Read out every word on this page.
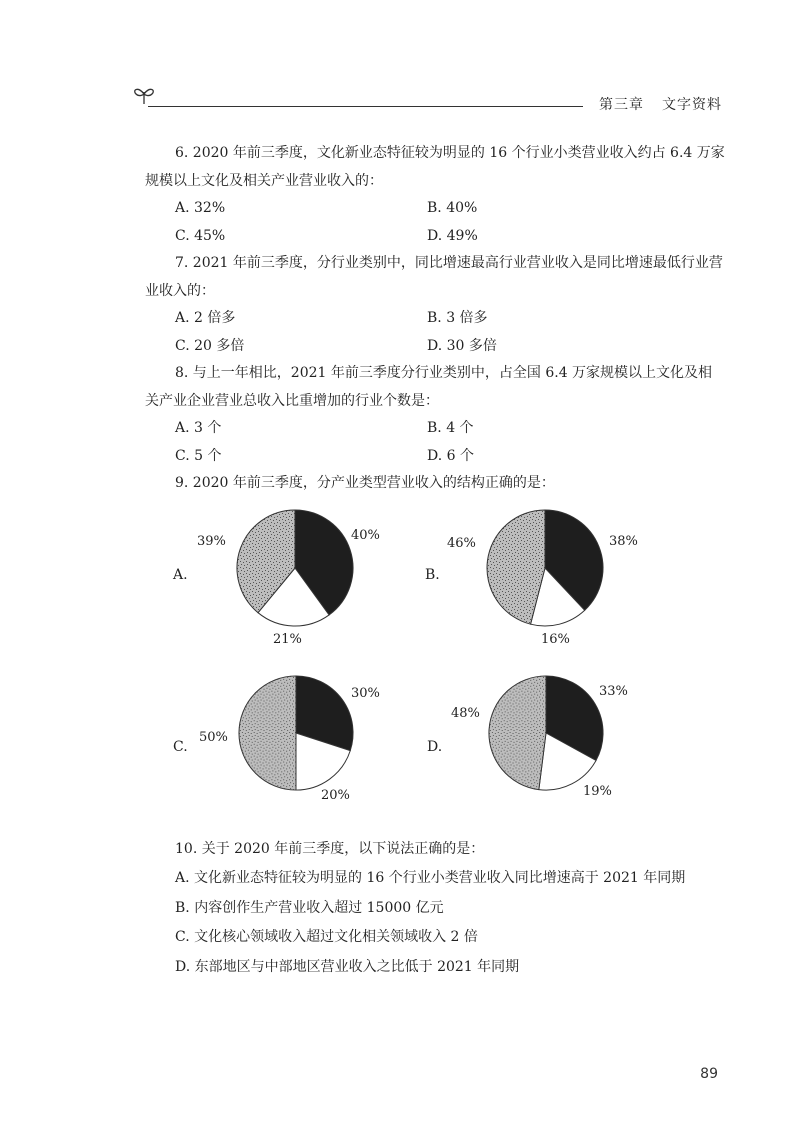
第三章 文字资料

6. 2020 年前三季度，文化新业态特征较为明显的 16 个行业小类营业收入约占 6.4 万家规模以上文化及相关产业营业收入的：

A. 32%	B. 40%

C. 45%	D. 49%

7. 2021 年前三季度，分行业类别中，同比增速最高行业营业收入是同比增速最低行业营业收入的：

A. 2 倍多	B. 3 倍多

C. 20 多倍	D. 30 多倍

8. 与上一年相比，2021 年前三季度分行业类别中，占全国 6.4 万家规模以上文化及相关产业企业营业总收入比重增加的行业个数是：

A. 3 个	B. 4 个

C. 5 个	D. 6 个

9. 2020 年前三季度，分产业类型营业收入的结构正确的是：

A.
40%
21%
39%
B.
38%
16%
46%
C.
30%
20%
50%
D.
33%
19%
48%

10. 关于 2020 年前三季度，以下说法正确的是：

A. 文化新业态特征较为明显的 16 个行业小类营业收入同比增速高于 2021 年同期

B. 内容创作生产营业收入超过 15000 亿元

C. 文化核心领域收入超过文化相关领域收入 2 倍

D. 东部地区与中部地区营业收入之比低于 2021 年同期

89
